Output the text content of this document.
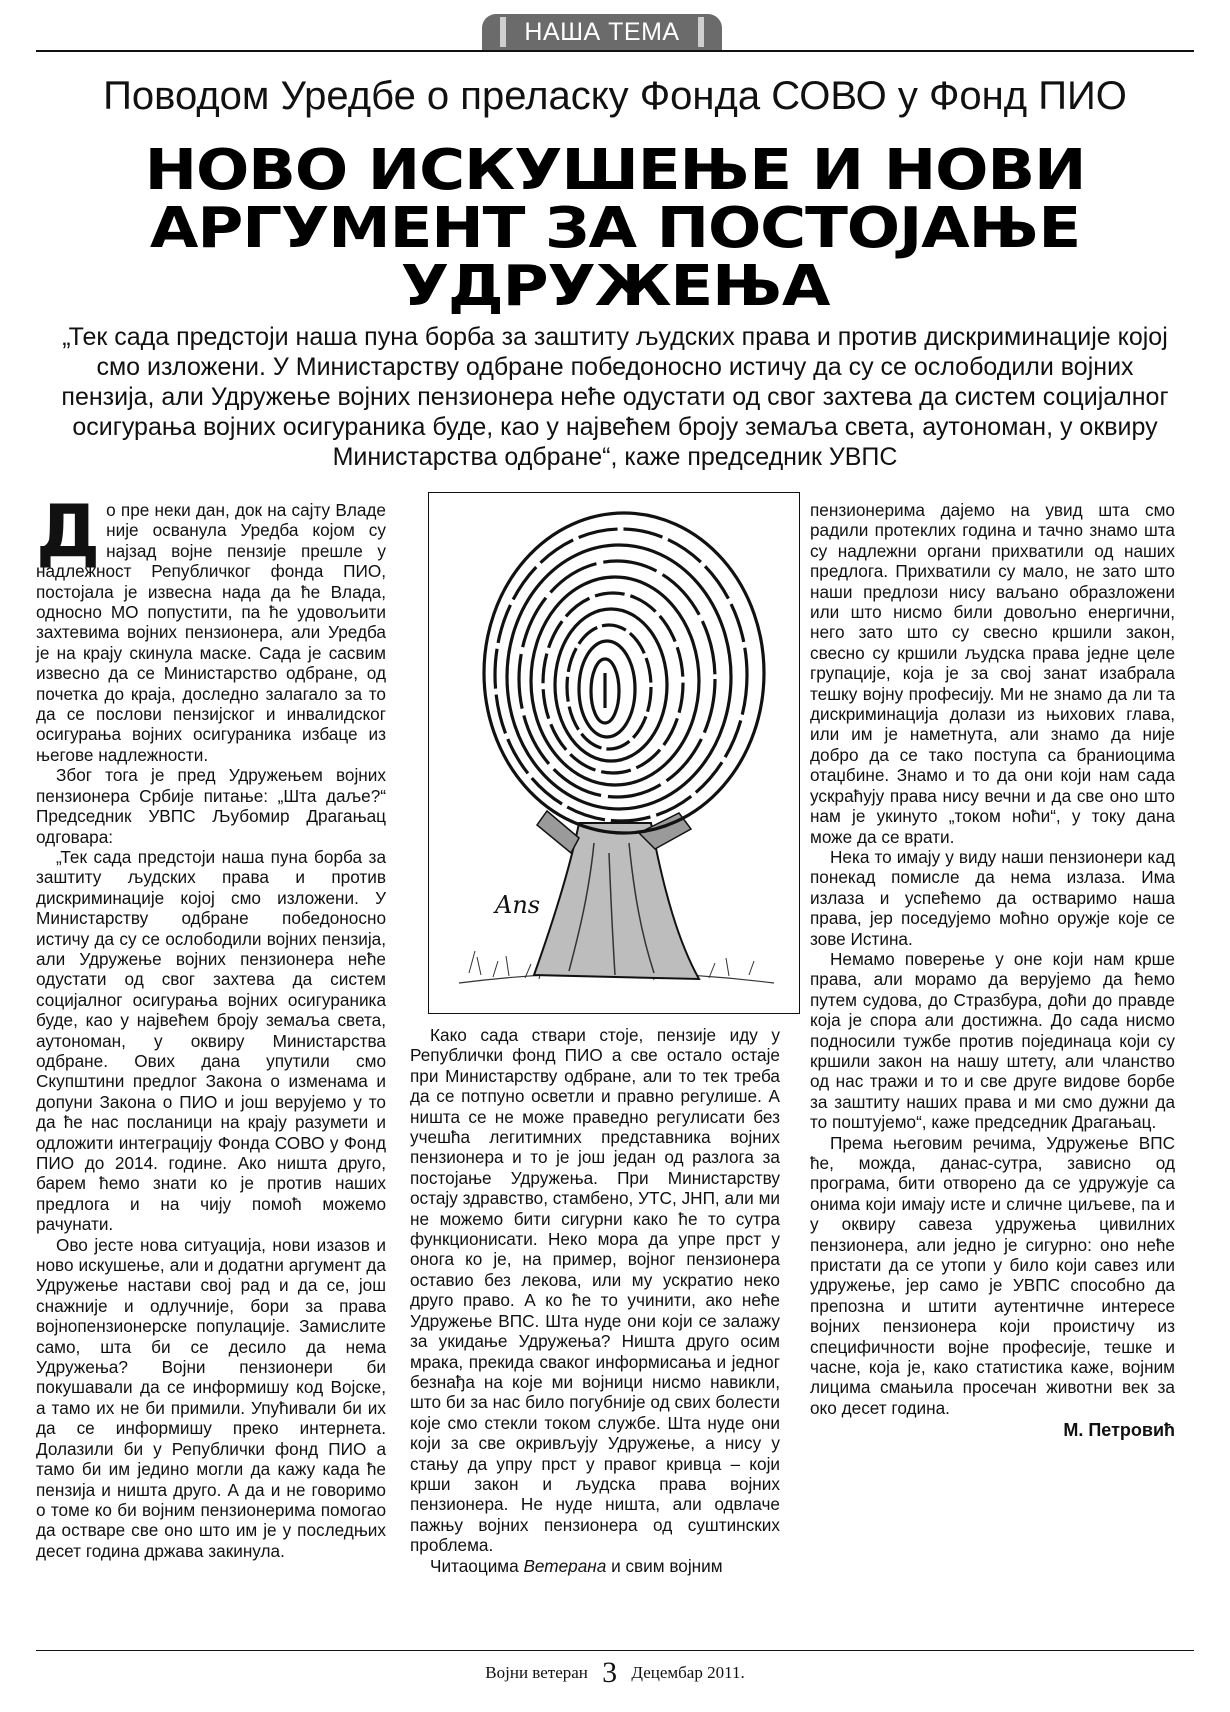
НАША ТЕМА
Поводом Уредбе о преласку Фонда СОВО у Фонд ПИО
НОВО ИСКУШЕЊЕ И НОВИ АРГУМЕНТ ЗА ПОСТОЈАЊЕ УДРУЖЕЊА
„Тек сада предстоји наша пуна борба за заштиту људских права и против дискриминације којој смо изложени. У Министарству одбране победоносно истичу да су се ослободили војних пензија, али Удружење војних пензионера неће одустати од свог захтева да систем социјалног осигурања војних осигураника буде, као у највећем броју земаља света, аутономан, у оквиру Министарства одбране“, каже председник УВПС

До пре неки дан, док на сајту Владе није осванула Уредба којом су најзад војне пензије прешле у надлежност Републичког фонда ПИО, постојала је извесна нада да ће Влада, односно МО попустити, па ће удовољити захтевима војних пензионера, али Уредба је на крају скинула маске. Сада је сасвим извесно да се Министарство одбране, од почетка до краја, доследно залагало за то да се послови пензијског и инвалидског осигурања војних осигураника избаце из његове надлежности.

Због тога је пред Удружењем војних пензионера Србије питање: „Шта даље?“ Председник УВПС Љубомир Драгањац одговара:

„Тек сада предстоји наша пуна борба за заштиту људских права и против дискриминације којој смо изложени. У Министарству одбране победоносно истичу да су се ослободили војних пензија, али Удружење војних пензионера неће одустати од свог захтева да систем социјалног осигурања војних осигураника буде, као у највећем броју земаља света, аутономан, у оквиру Министарства одбране. Ових дана упутили смо Скупштини предлог Закона о изменама и допуни Закона о ПИО и још верујемо у то да ће нас посланици на крају разумети и одложити интеграцију Фонда СОВО у Фонд ПИО до 2014. године. Ако ништа друго, барем ћемо знати ко је против наших предлога и на чију помоћ можемо рачунати.

Ово јесте нова ситуација, нови изазов и ново искушење, али и додатни аргумент да Удружење настави свој рад и да се, још снажније и одлучније, бори за права војнопензионерске популације. Замислите само, шта би се десило да нема Удружења? Војни пензионери би покушавали да се информишу код Војске, а тамо их не би примили. Упућивали би их да се информишу преко интернета. Долазили би у Републички фонд ПИО а тамо би им једино могли да кажу када ће пензија и ништа друго. А да и не говоримо о томе ко би војним пензионерима помогао да остваре све оно што им је у последњих десет година држава закинула.

Ans

Како сада ствари стоје, пензије иду у Републички фонд ПИО а све остало остаје при Министарству одбране, али то тек треба да се потпуно осветли и правно регулише. А ништа се не може праведно регулисати без учешћа легитимних представника војних пензионера и то је још један од разлога за постојање Удружења. При Министарству остају здравство, стамбено, УТС, ЈНП, али ми не можемо бити сигурни како ће то сутра функционисати. Неко мора да упре прст у онога ко је, на пример, војног пензионера оставио без лекова, или му ускратио неко друго право. А ко ће то учинити, ако неће Удружење ВПС. Шта нуде они који се залажу за укидање Удружења? Ништа друго осим мрака, прекида сваког информисања и једног безнађа на које ми војници нисмо навикли, што би за нас било погубније од свих болести које смо стекли током службе. Шта нуде они који за све окривљују Удружење, а нису у стању да упру прст у правог кривца – који крши закон и људска права војних пензионера. Не нуде ништа, али одвлаче пажњу војних пензионера од суштинских проблема.

Читаоцима Ветерана и свим војним

пензионерима дајемо на увид шта смо радили протеклих година и тачно знамо шта су надлежни органи прихватили од наших предлога. Прихватили су мало, не зато што наши предлози нису ваљано образложени или што нисмо били довољно енергични, него зато што су свесно кршили закон, свесно су кршили људска права једне целе групације, која је за свој занат изабрала тешку војну професију. Ми не знамо да ли та дискриминација долази из њихових глава, или им је наметнута, али знамо да није добро да се тако поступа са браниоцима отаџбине. Знамо и то да они који нам сада ускраћују права нису вечни и да све оно што нам је укинуто „током ноћи“, у току дана може да се врати.

Нека то имају у виду наши пензионери кад понекад помисле да нема излаза. Има излаза и успећемо да остваримо наша права, јер поседујемо моћно оружје које се зове Истина.

Немамо поверење у оне који нам крше права, али морамо да верујемо да ћемо путем судова, до Стразбура, доћи до правде која је спора али достижна. До сада нисмо подносили тужбе против појединаца који су кршили закон на нашу штету, али чланство од нас тражи и то и све друге видове борбе за заштиту наших права и ми смо дужни да то поштујемо“, каже председник Драгањац.

Према његовим речима, Удружење ВПС ће, можда, данас-сутра, зависно од програма, бити отворено да се удружује са онима који имају исте и сличне циљеве, па и у оквиру савеза удружења цивилних пензионера, али једно је сигурно: оно неће пристати да се утопи у било који савез или удружење, јер само је УВПС способно да препозна и штити аутентичне интересе војних пензионера који проистичу из специфичности војне професије, тешке и часне, која је, како статистика каже, војним лицима смањила просечан животни век за око десет година.

М. Петровић
Војни ветеран 3 Децембар 2011.
